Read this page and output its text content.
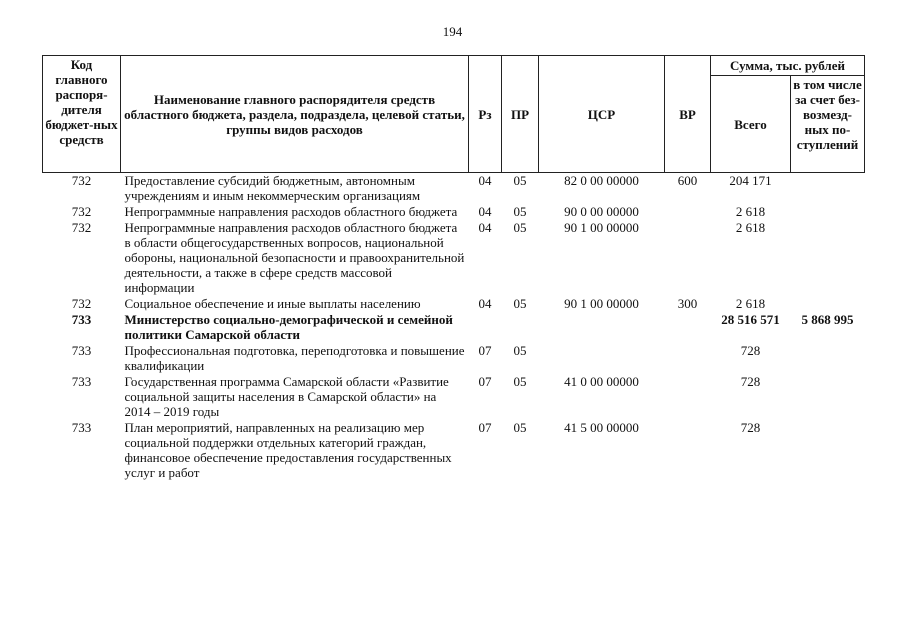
194
Код главного распоря-дителя бюджет-ных средств	Наименование главного распорядителя средств областного бюджета, раздела, подраздела, целевой статьи, группы видов расходов	Рз	ПР	ЦСР	ВР	Сумма, тыс. рублей	
						Всего	в том числе за счет без-возмезд-ных по-ступлений
732	Предоставление субсидий бюджетным, автономным учреждениям и иным некоммерческим организациям	04	05	82 0 00 00000	600	204 171	
732	Непрограммные направления расходов областного бюджета	04	05	90 0 00 00000		2 618	
732	Непрограммные направления расходов областного бюджета в области общегосударственных вопросов, национальной обороны, национальной безопасности и правоохранительной деятельности, а также в сфере средств массовой информации	04	05	90 1 00 00000		2 618	
732	Социальное обеспечение и иные выплаты населению	04	05	90 1 00 00000	300	2 618	
733	Министерство социально-демографической и семейной политики Самарской области					28 516 571	5 868 995
733	Профессиональная подготовка, переподготовка и повышение квалификации	07	05			728	
733	Государственная программа Самарской области «Развитие социальной защиты населения в Самарской области» на 2014 – 2019 годы	07	05	41 0 00 00000		728	
733	План мероприятий, направленных на реализацию мер социальной поддержки отдельных категорий граждан, финансовое обеспечение предоставления государственных услуг и работ	07	05	41 5 00 00000		728	
